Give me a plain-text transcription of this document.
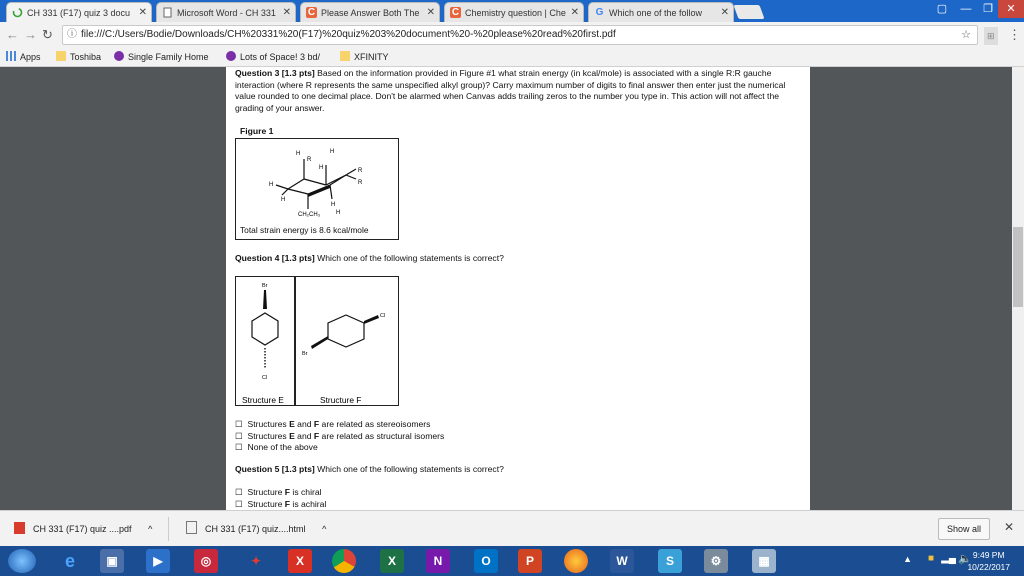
CH 331 (F17) quiz 3 docu ✕	Microsoft Word - CH 331 ✕ C Please Answer Both The ✕ C Chemistry question | Che ✕ G Which one of the follow	✕	▢	—	❐	✕
← → ↻ ⓘ file:///C:/Users/Bodie/Downloads/CH%20331%20(F17)%20quiz%203%20document%20-%20please%20read%20first.pdf	☆	⊞ ⋮
Apps	Toshiba	Single Family Home	Lots of Space! 3 bd/	XFINITY
Question 3 [1.3 pts] Based on the information provided in Figure #1 what strain energy (in kcal/mole) is associated with a single R:R gauche interaction (where R represents the same unspecified alkyl group)? Carry maximum number of digits to final answer then enter just the numerical value rounded to one decimal place. Don't be alarmed when Canvas adds trailing zeros to the number you type in. This action will not affect the grading of your answer.
Figure 1
H
R
H
H	R
R
H
H
H
H
CH₂CH₃
Total strain energy is 8.6 kcal/mole
Question 4 [1.3 pts] Which one of the following statements is correct?
Br
Cl
Structure E
Cl
Br
Structure F
☐ Structures E and F are related as stereoisomers
☐ Structures E and F are related as structural isomers
☐ None of the above
Question 5 [1.3 pts] Which one of the following statements is correct?
☐ Structure F is chiral
☐ Structure F is achiral
CH 331 (F17) quiz ....pdf ^	CH 331 (F17) quiz....html ^	Show all	✕
e	▣	▶	◎	✦	X	X	N	O	P	W	S	⚙	▦	▲ ■ ▂▄ 🔈 9:49 PM
10/22/2017
